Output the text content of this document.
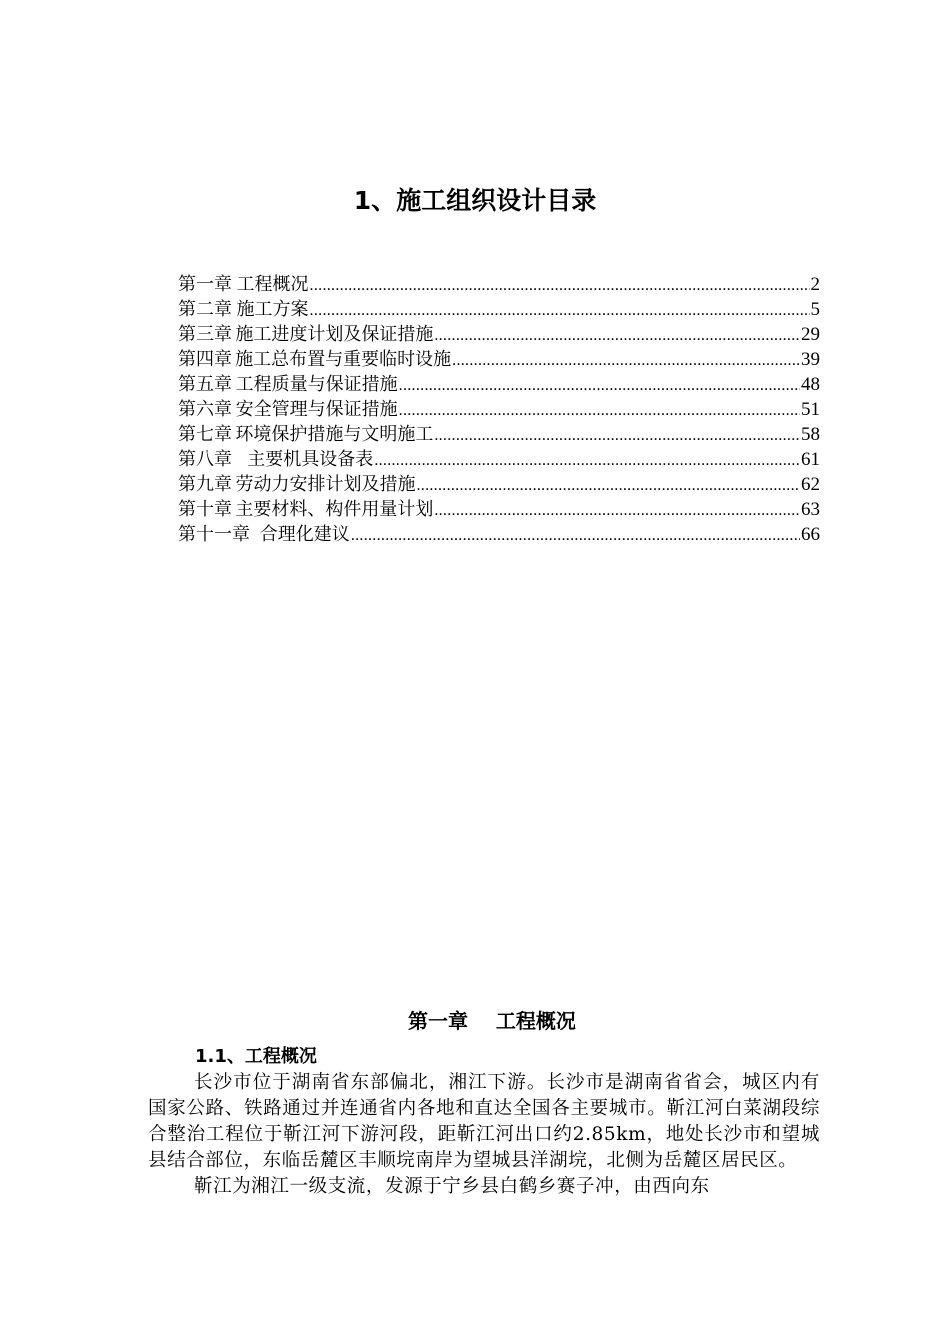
1、施工组织设计目录
第一章 工程概况 .....	2
第二章 施工方案 .....	5
第三章 施工进度计划及保证措施 .....	29
第四章 施工总布置与重要临时设施 .....	39
第五章 工程质量与保证措施 .....	48
第六章 安全管理与保证措施 .....	51
第七章 环境保护措施与文明施工 .....	58
第八章 主要机具设备表 .....	61
第九章 劳动力安排计划及措施 .....	62
第十章 主要材料、构件用量计划 .....	63
第十一章 合理化建议 .....	66
第一章    工程概况
1.1、工程概况

长沙市位于湖南省东部偏北，湘江下游。长沙市是湖南省省会，城区内有国家公路、铁路通过并连通省内各地和直达全国各主要城市。靳江河白菜湖段综合整治工程位于靳江河下游河段，距靳江河出口约2.85km，地处长沙市和望城县结合部位，东临岳麓区丰顺垸南岸为望城县洋湖垸，北侧为岳麓区居民区。

靳江为湘江一级支流，发源于宁乡县白鹤乡赛子冲，由西向东
